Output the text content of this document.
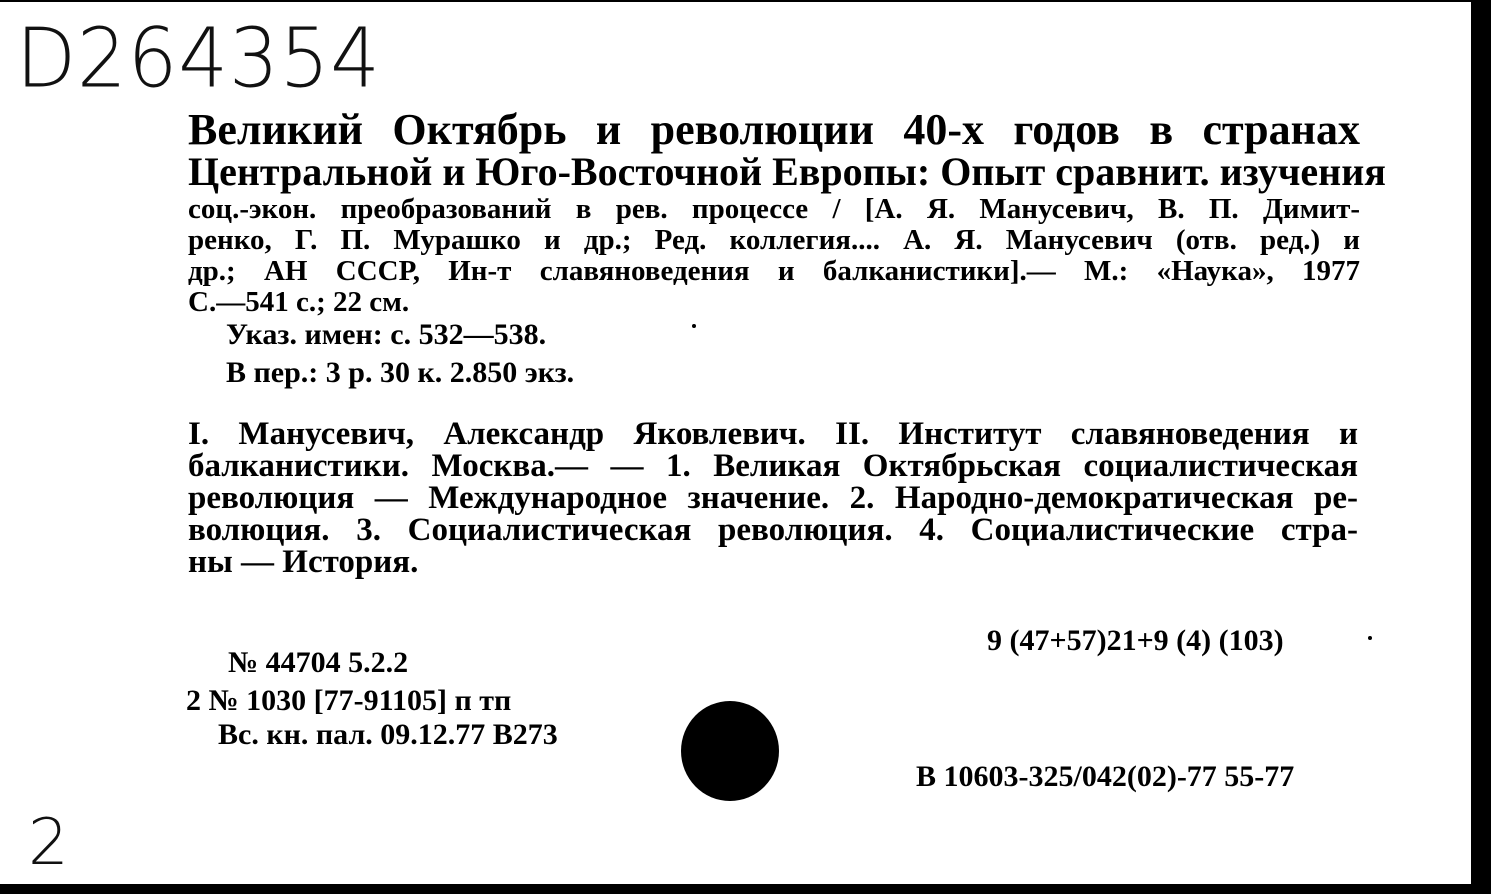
D264354
Великий Октябрь и революции 40-х годов в странах
Центральной и Юго-Восточной Европы: Опыт сравнит. изучения
соц.-экон. преобразований в рев. процессе / [А. Я. Манусевич, В. П. Димит-
ренко, Г. П. Мурашко и др.; Ред. коллегия.... А. Я. Манусевич (отв. ред.) и
др.; АН СССР, Ин-т славяноведения и балканистики].— М.: «Наука», 1977
С.—541 с.; 22 см.
Указ. имен: с. 532—538.
В пер.: 3 р. 30 к. 2.850 экз.
I. Манусевич, Александр Яковлевич. II. Институт славяноведения и
балканистики. Москва.— — 1. Великая Октябрьская социалистическая
революция — Международное значение. 2. Народно-демократическая ре-
волюция. 3. Социалистическая революция. 4. Социалистические стра-
ны — История.
9 (47+57)21+9 (4) (103)
№ 44704 5.2.2
2 № 1030 [77-91105] п тп
Вс. кн. пал. 09.12.77 В273
В 10603-325/042(02)-77 55-77
2
